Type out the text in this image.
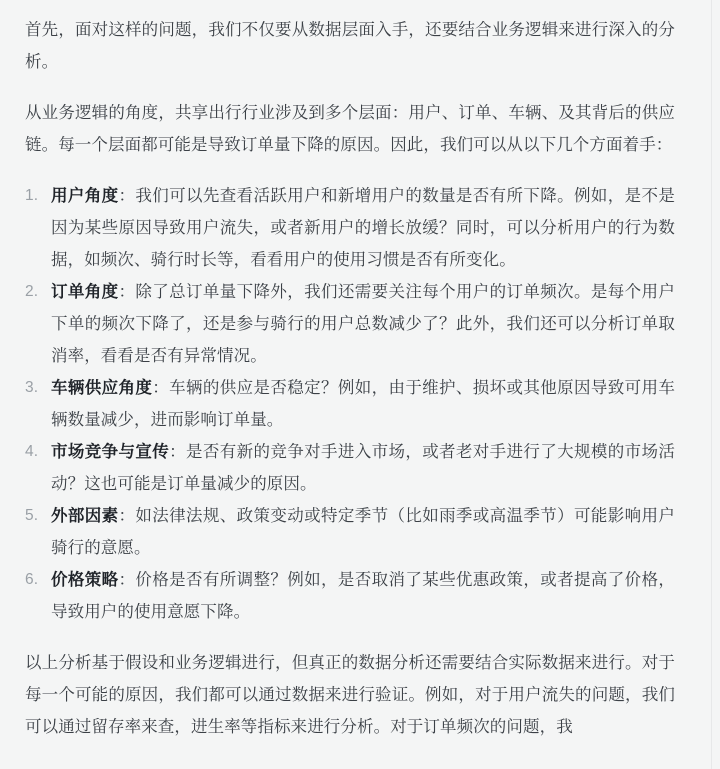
首先，面对这样的问题，我们不仅要从数据层面入手，还要结合业务逻辑来进行深入的分析。

从业务逻辑的角度，共享出行行业涉及到多个层面：用户、订单、车辆、及其背后的供应链。每一个层面都可能是导致订单量下降的原因。因此，我们可以从以下几个方面着手：

用户角度：我们可以先查看活跃用户和新增用户的数量是否有所下降。例如，是不是因为某些原因导致用户流失，或者新用户的增长放缓？同时，可以分析用户的行为数据，如频次、骑行时长等，看看用户的使用习惯是否有所变化。
订单角度：除了总订单量下降外，我们还需要关注每个用户的订单频次。是每个用户下单的频次下降了，还是参与骑行的用户总数减少了？此外，我们还可以分析订单取消率，看看是否有异常情况。
车辆供应角度：车辆的供应是否稳定？例如，由于维护、损坏或其他原因导致可用车辆数量减少，进而影响订单量。
市场竞争与宣传：是否有新的竞争对手进入市场，或者老对手进行了大规模的市场活动？这也可能是订单量减少的原因。
外部因素：如法律法规、政策变动或特定季节（比如雨季或高温季节）可能影响用户骑行的意愿。
价格策略：价格是否有所调整？例如，是否取消了某些优惠政策，或者提高了价格，导致用户的使用意愿下降。

以上分析基于假设和业务逻辑进行，但真正的数据分析还需要结合实际数据来进行。对于每一个可能的原因，我们都可以通过数据来进行验证。例如，对于用户流失的问题，我们可以通过留存率来查，进生率等指标来进行分析。对于订单频次的问题，我
